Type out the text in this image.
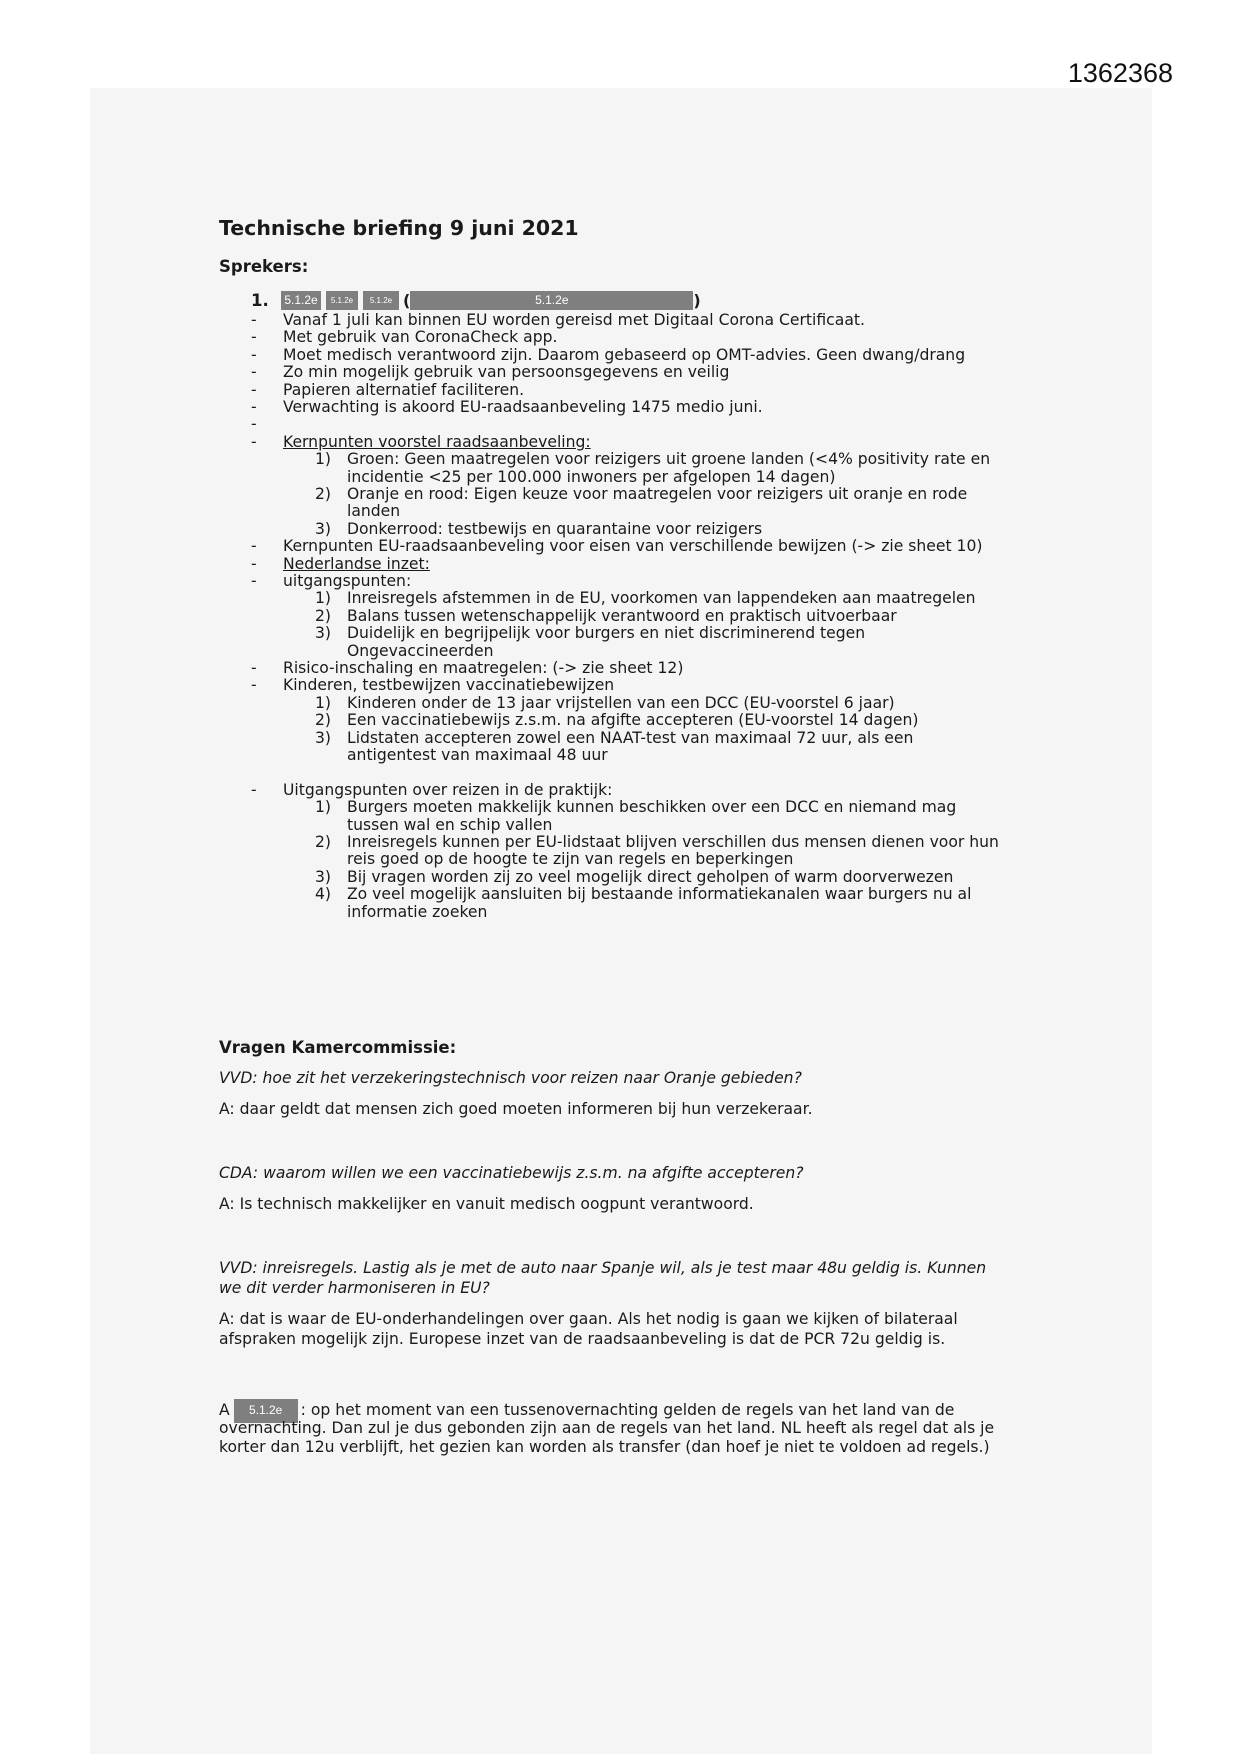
1362368
Technische briefing 9 juni 2021
Sprekers:
1.	5.1.2e	5.1.2e	5.1.2e (	5.1.2e	)
- Vanaf 1 juli kan binnen EU worden gereisd met Digitaal Corona Certificaat.
- Met gebruik van CoronaCheck app.
- Moet medisch verantwoord zijn. Daarom gebaseerd op OMT-advies. Geen dwang/drang
- Zo min mogelijk gebruik van persoonsgegevens en veilig
- Papieren alternatief faciliteren.
- Verwachting is akoord EU-raadsaanbeveling 1475 medio juni.
-
- Kernpunten voorstel raadsaanbeveling:
1) Groen: Geen maatregelen voor reizigers uit groene landen (<4% positivity rate en
incidentie <25 per 100.000 inwoners per afgelopen 14 dagen)
2) Oranje en rood: Eigen keuze voor maatregelen voor reizigers uit oranje en rode
landen
3) Donkerrood: testbewijs en quarantaine voor reizigers
- Kernpunten EU-raadsaanbeveling voor eisen van verschillende bewijzen (-> zie sheet 10)
- Nederlandse inzet:
- uitgangspunten:
1) Inreisregels afstemmen in de EU, voorkomen van lappendeken aan maatregelen
2) Balans tussen wetenschappelijk verantwoord en praktisch uitvoerbaar
3) Duidelijk en begrijpelijk voor burgers en niet discriminerend tegen
Ongevaccineerden
- Risico-inschaling en maatregelen: (-> zie sheet 12)
- Kinderen, testbewijzen vaccinatiebewijzen
1) Kinderen onder de 13 jaar vrijstellen van een DCC (EU-voorstel 6 jaar)
2) Een vaccinatiebewijs z.s.m. na afgifte accepteren (EU-voorstel 14 dagen)
3) Lidstaten accepteren zowel een NAAT-test van maximaal 72 uur, als een
antigentest van maximaal 48 uur
- Uitgangspunten over reizen in de praktijk:
1) Burgers moeten makkelijk kunnen beschikken over een DCC en niemand mag
tussen wal en schip vallen
2) Inreisregels kunnen per EU-lidstaat blijven verschillen dus mensen dienen voor hun
reis goed op de hoogte te zijn van regels en beperkingen
3) Bij vragen worden zij zo veel mogelijk direct geholpen of warm doorverwezen
4) Zo veel mogelijk aansluiten bij bestaande informatiekanalen waar burgers nu al
informatie zoeken
Vragen Kamercommissie:
VVD: hoe zit het verzekeringstechnisch voor reizen naar Oranje gebieden?
A: daar geldt dat mensen zich goed moeten informeren bij hun verzekeraar.
CDA: waarom willen we een vaccinatiebewijs z.s.m. na afgifte accepteren?
A: Is technisch makkelijker en vanuit medisch oogpunt verantwoord.
VVD: inreisregels. Lastig als je met de auto naar Spanje wil, als je test maar 48u geldig is. Kunnen
we dit verder harmoniseren in EU?
A: dat is waar de EU-onderhandelingen over gaan. Als het nodig is gaan we kijken of bilateraal
afspraken mogelijk zijn. Europese inzet van de raadsaanbeveling is dat de PCR 72u geldig is.
A 5.1.2e : op het moment van een tussenovernachting gelden de regels van het land van de
overnachting. Dan zul je dus gebonden zijn aan de regels van het land. NL heeft als regel dat als je
korter dan 12u verblijft, het gezien kan worden als transfer (dan hoef je niet te voldoen ad regels.)
